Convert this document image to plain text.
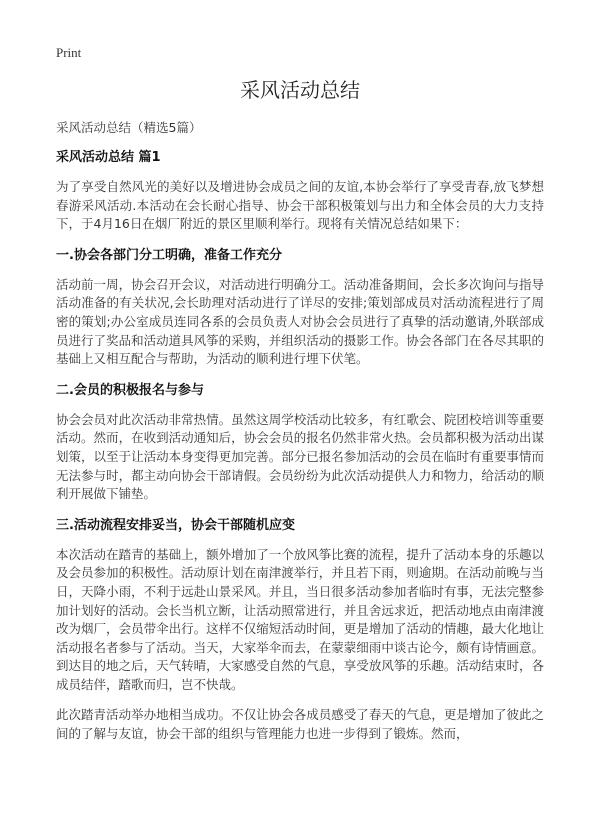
Print
采风活动总结

采风活动总结（精选5篇）

采风活动总结 篇1

为了享受自然风光的美好以及增进协会成员之间的友谊,本协会举行了享受青春,放飞梦想春游采风活动.本活动在会长耐心指导、协会干部积极策划与出力和全体会员的大力支持下，于4月16日在烟厂附近的景区里顺利举行。现将有关情况总结如果下：

一.协会各部门分工明确，准备工作充分

活动前一周，协会召开会议，对活动进行明确分工。活动准备期间，会长多次询问与指导活动准备的有关状况,会长助理对活动进行了详尽的安排;策划部成员对活动流程进行了周密的策划;办公室成员连同各系的会员负责人对协会会员进行了真挚的活动邀请,外联部成员进行了奖品和活动道具风筝的采购，并组织活动的摄影工作。协会各部门在各尽其职的基础上又相互配合与帮助，为活动的顺利进行埋下伏笔。

二.会员的积极报名与参与

协会会员对此次活动非常热情。虽然这周学校活动比较多，有红歌会、院团校培训等重要活动。然而，在收到活动通知后，协会会员的报名仍然非常火热。会员都积极为活动出谋划策，以至于让活动本身变得更加完善。部分已报名参加活动的会员在临时有重要事情而无法参与时，都主动向协会干部请假。会员纷纷为此次活动提供人力和物力，给活动的顺利开展做下铺垫。

三.活动流程安排妥当，协会干部随机应变

本次活动在踏青的基础上，额外增加了一个放风筝比赛的流程，提升了活动本身的乐趣以及会员参加的积极性。活动原计划在南津渡举行，并且若下雨，则逾期。在活动前晚与当日，天降小雨，不利于远赴山景采风。并且，当日很多活动参加者临时有事，无法完整参加计划好的活动。会长当机立断，让活动照常进行，并且舍远求近，把活动地点由南津渡改为烟厂，会员带伞出行。这样不仅缩短活动时间，更是增加了活动的情趣，最大化地让活动报名者参与了活动。当天，大家举伞而去，在蒙蒙细雨中谈古论今，颇有诗情画意。到达目的地之后，天气转晴，大家感受自然的气息，享受放风筝的乐趣。活动结束时，各成员结伴，踏歌而归，岂不快哉。

此次踏青活动举办地相当成功。不仅让协会各成员感受了春天的气息，更是增加了彼此之间的了解与友谊，协会干部的组织与管理能力也进一步得到了锻炼。然而，
